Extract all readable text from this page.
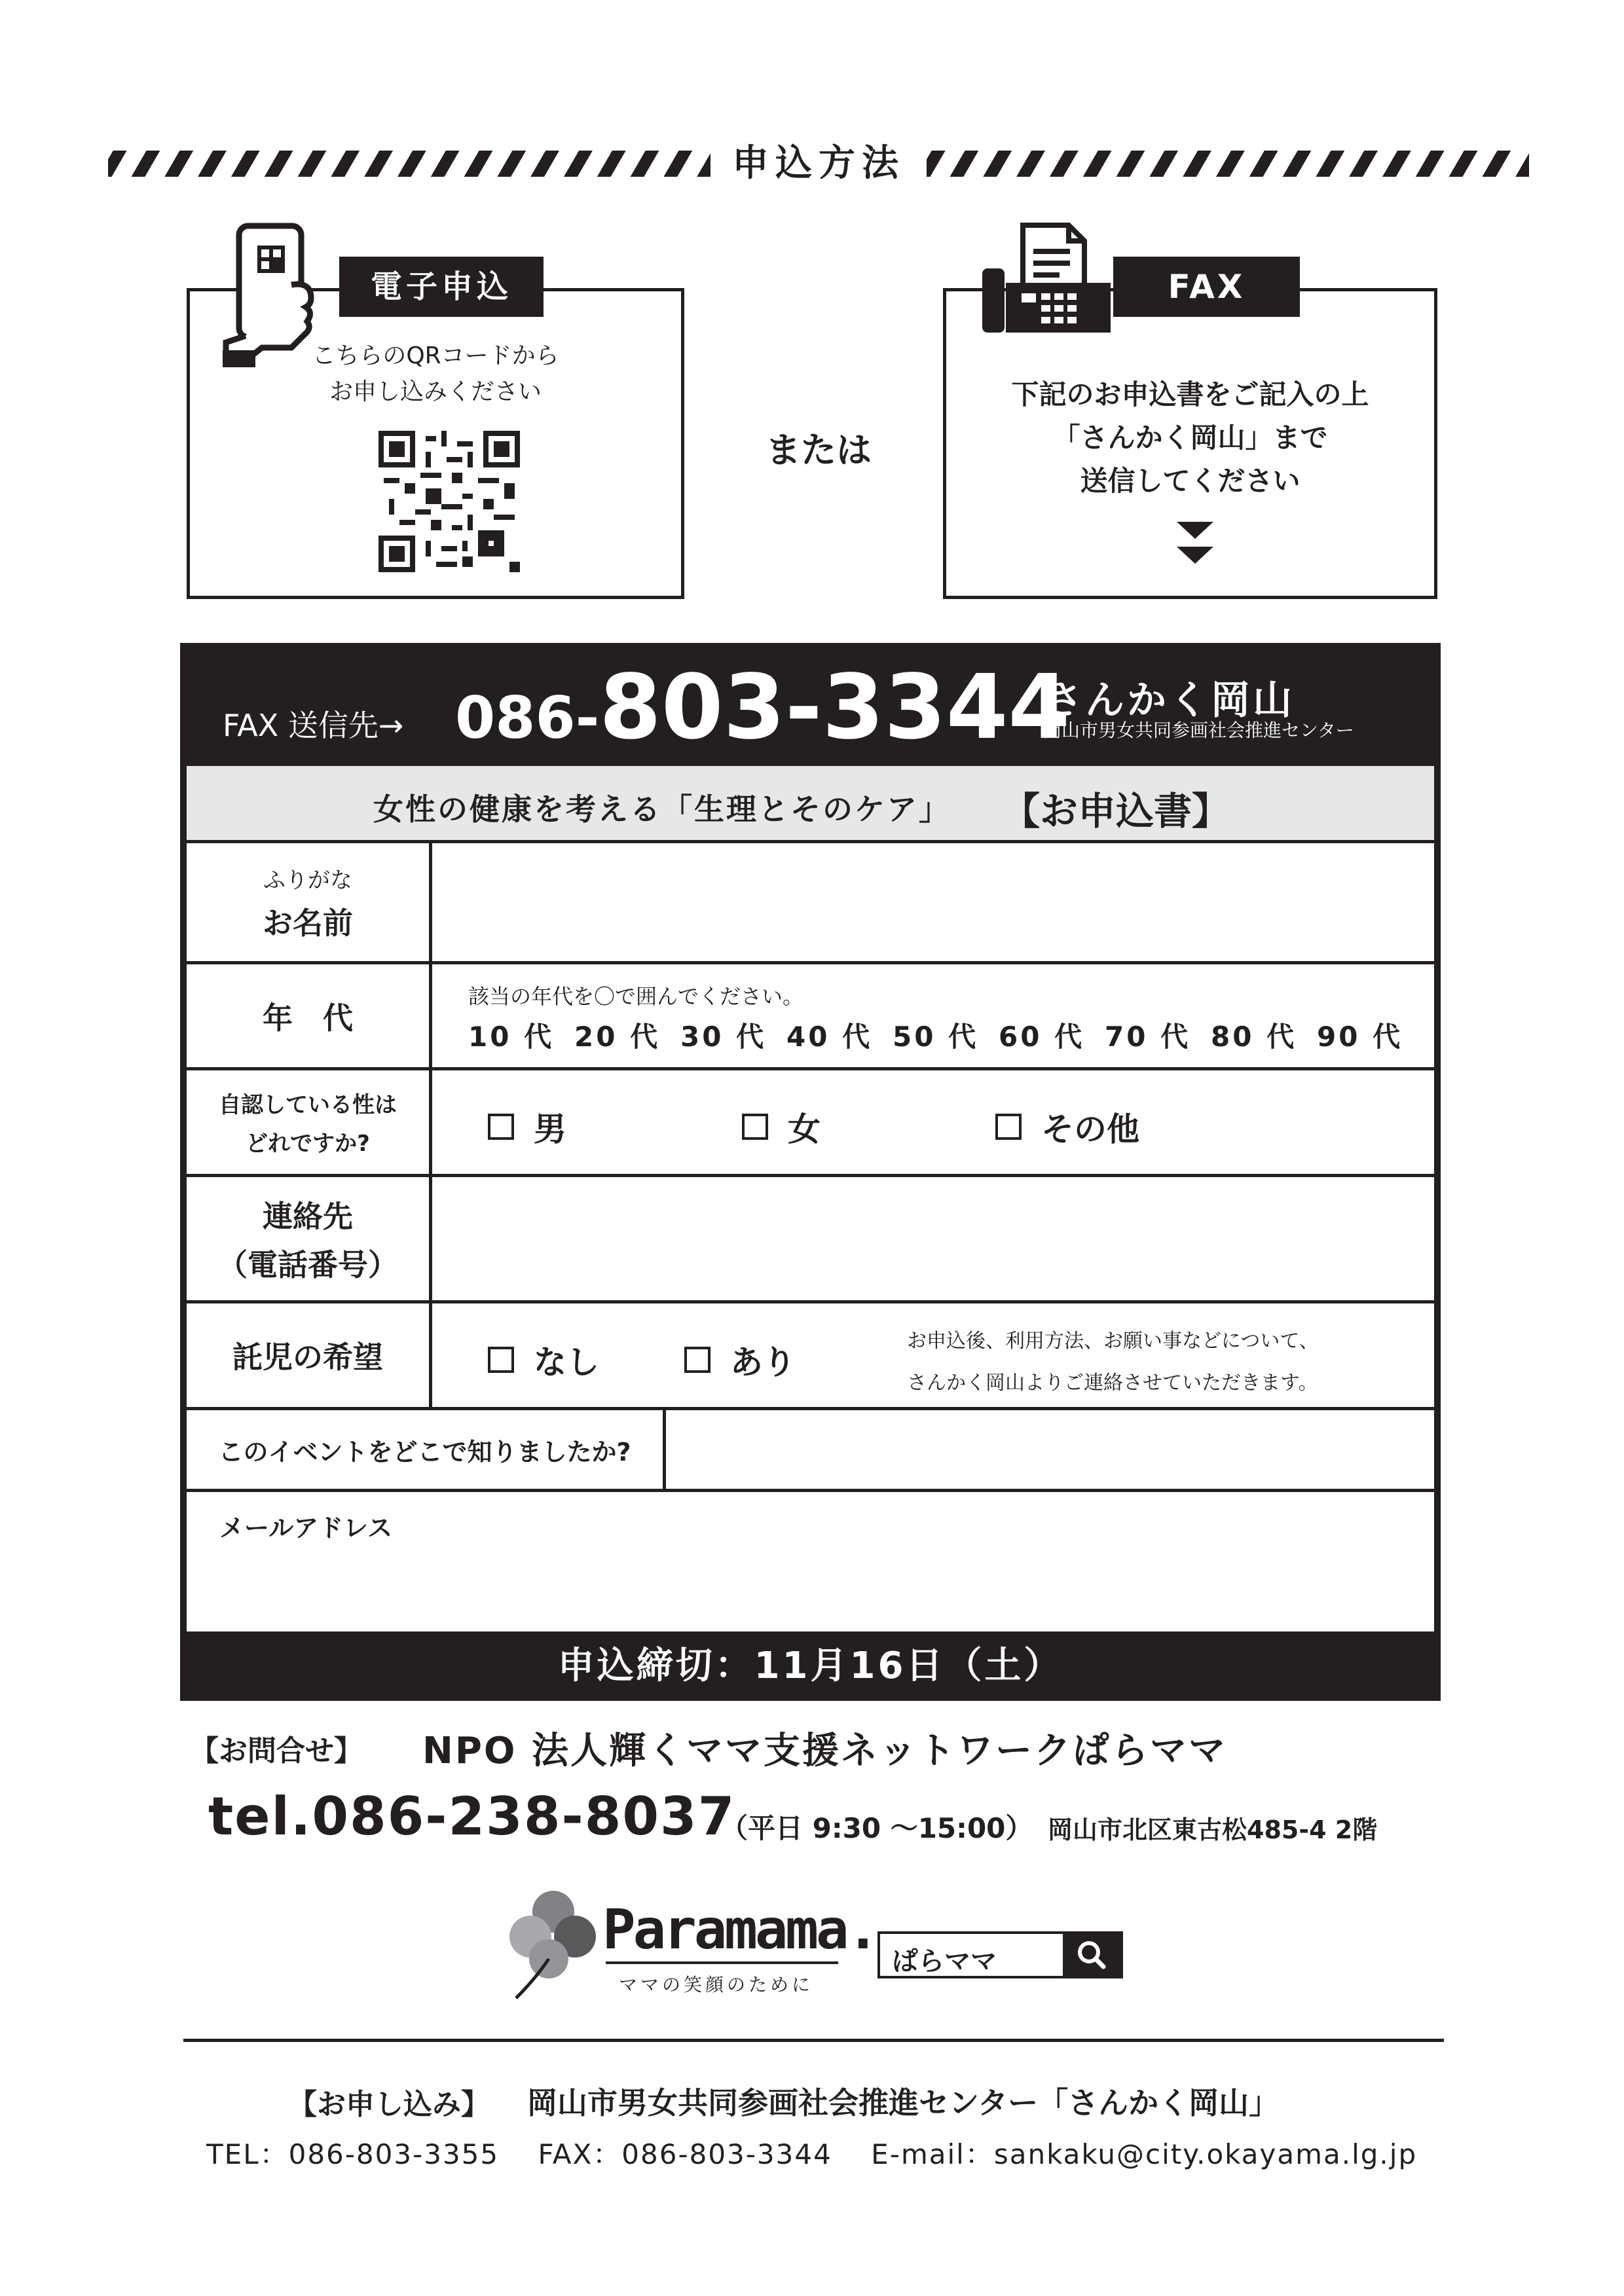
申込方法
電子申込
こちらのQRコードから
お申し込みください
または
FAX
下記のお申込書をご記入の上
「さんかく岡山」まで
送信してください
FAX 送信先→ 086-803-3344
さんかく岡山
岡山市男女共同参画社会推進センター
女性の健康を考える「生理とそのケア」 【お申込書】
ふりがな
お名前
年　代
該当の年代を〇で囲んでください。
10 代 20 代 30 代 40 代 50 代 60 代 70 代 80 代 90 代
自認している性は
どれですか?	男	女	その他
連絡先
（電話番号）
託児の希望	なし	あり
お申込後、利用方法、お願い事などについて、
さんかく岡山よりご連絡させていただきます。
このイベントをどこで知りましたか?
メールアドレス
申込締切：11月16日（土）
【お問合せ】 NPO 法人輝くママ支援ネットワークぱらママ
tel.086-238-8037
（平日 9:30 ～15:00） 岡山市北区東古松485-4 2階
Paramama.
ママの笑顔のために
ぱらママ
【お申し込み】 岡山市男女共同参画社会推進センター「さんかく岡山」
TEL：086-803-3355　 FAX：086-803-3344　 E-mail：sankaku@city.okayama.lg.jp
